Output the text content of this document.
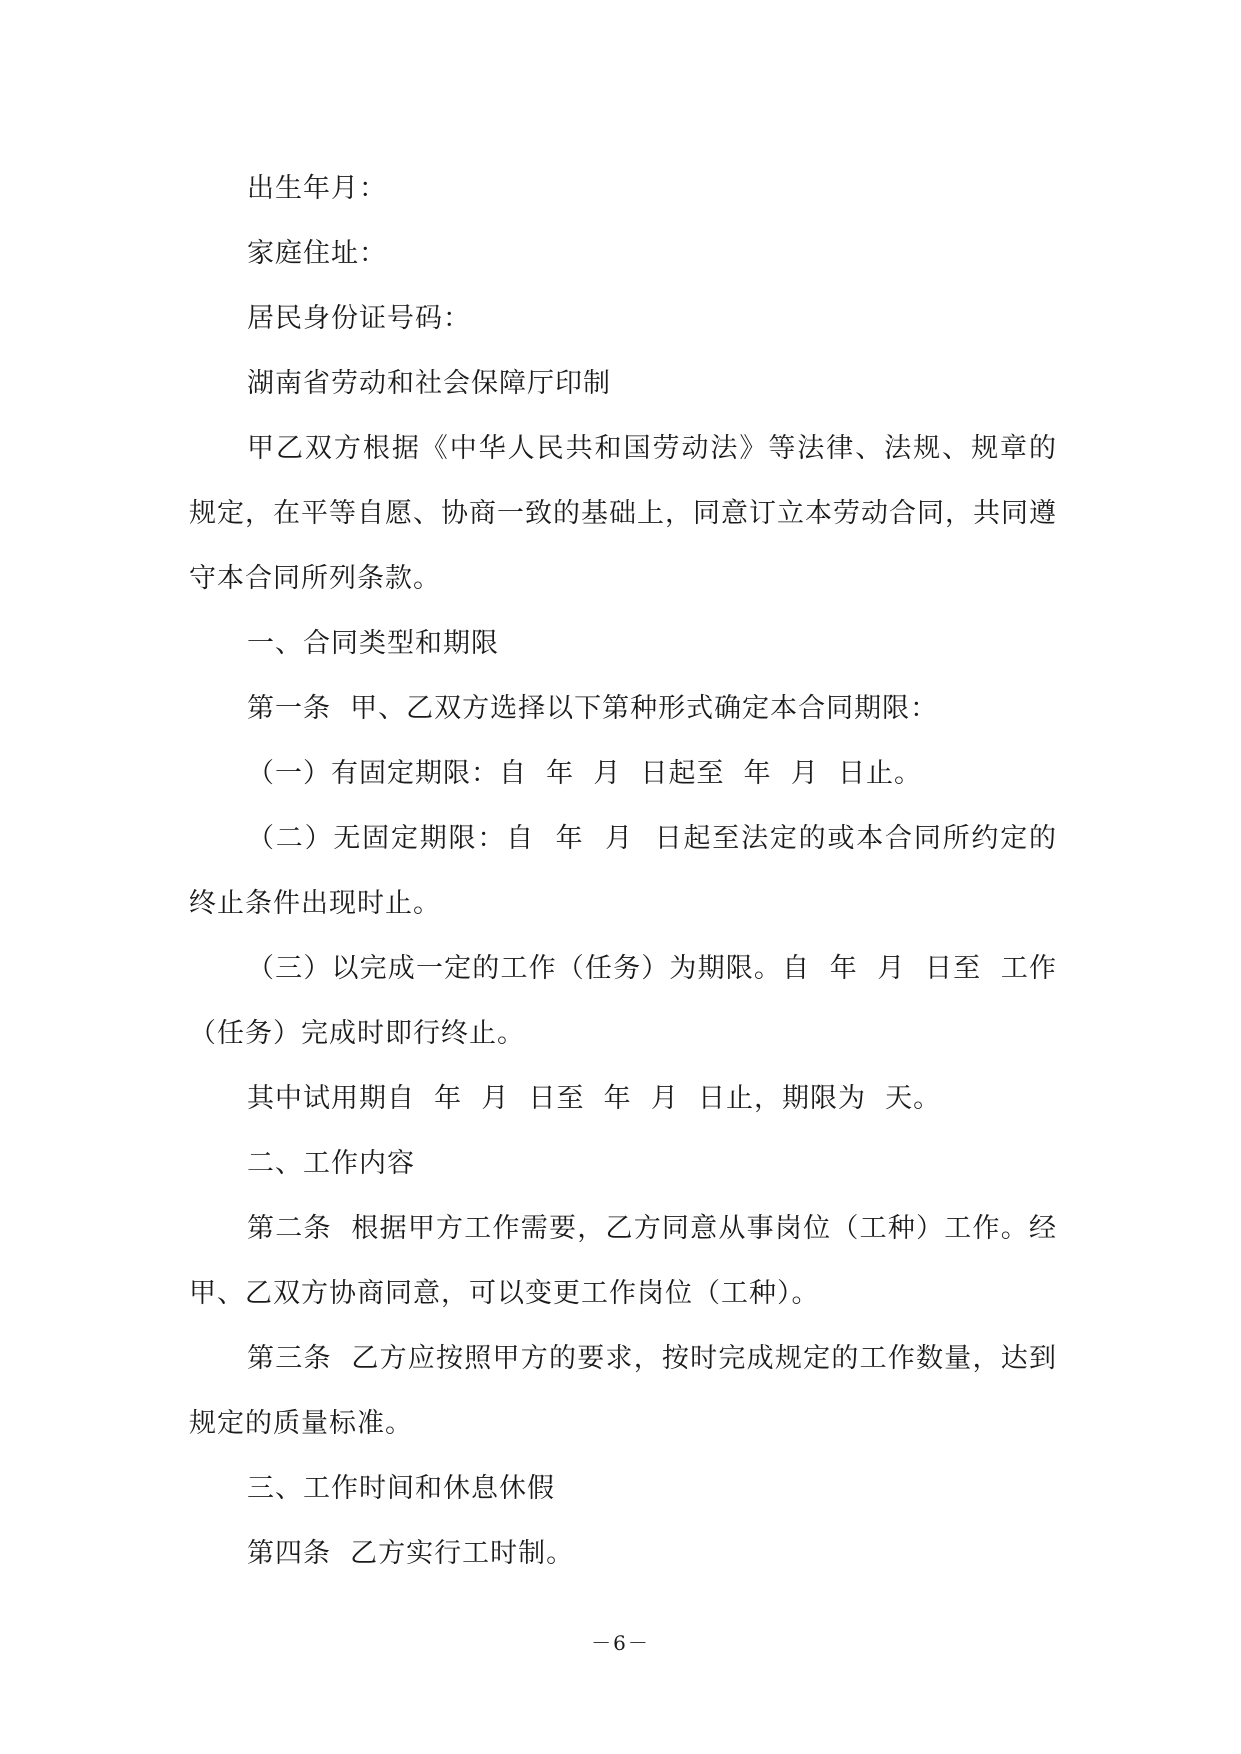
出生年月：

家庭住址：

居民身份证号码：

湖南省劳动和社会保障厅印制

甲乙双方根据《中华人民共和国劳动法》等法律、法规、规章的规定，在平等自愿、协商一致的基础上，同意订立本劳动合同，共同遵守本合同所列条款。

一、合同类型和期限

第一条  甲、乙双方选择以下第种形式确定本合同期限：

（一）有固定期限：自  年  月  日起至  年  月  日止。

（二）无固定期限：自  年  月  日起至法定的或本合同所约定的终止条件出现时止。

（三）以完成一定的工作（任务）为期限。自  年  月  日至  工作（任务）完成时即行终止。

其中试用期自  年  月  日至  年  月  日止，期限为  天。

二、工作内容

第二条  根据甲方工作需要，乙方同意从事岗位（工种）工作。经甲、乙双方协商同意，可以变更工作岗位（工种）。

第三条  乙方应按照甲方的要求，按时完成规定的工作数量，达到规定的质量标准。

三、工作时间和休息休假

第四条  乙方实行工时制。

－6－
